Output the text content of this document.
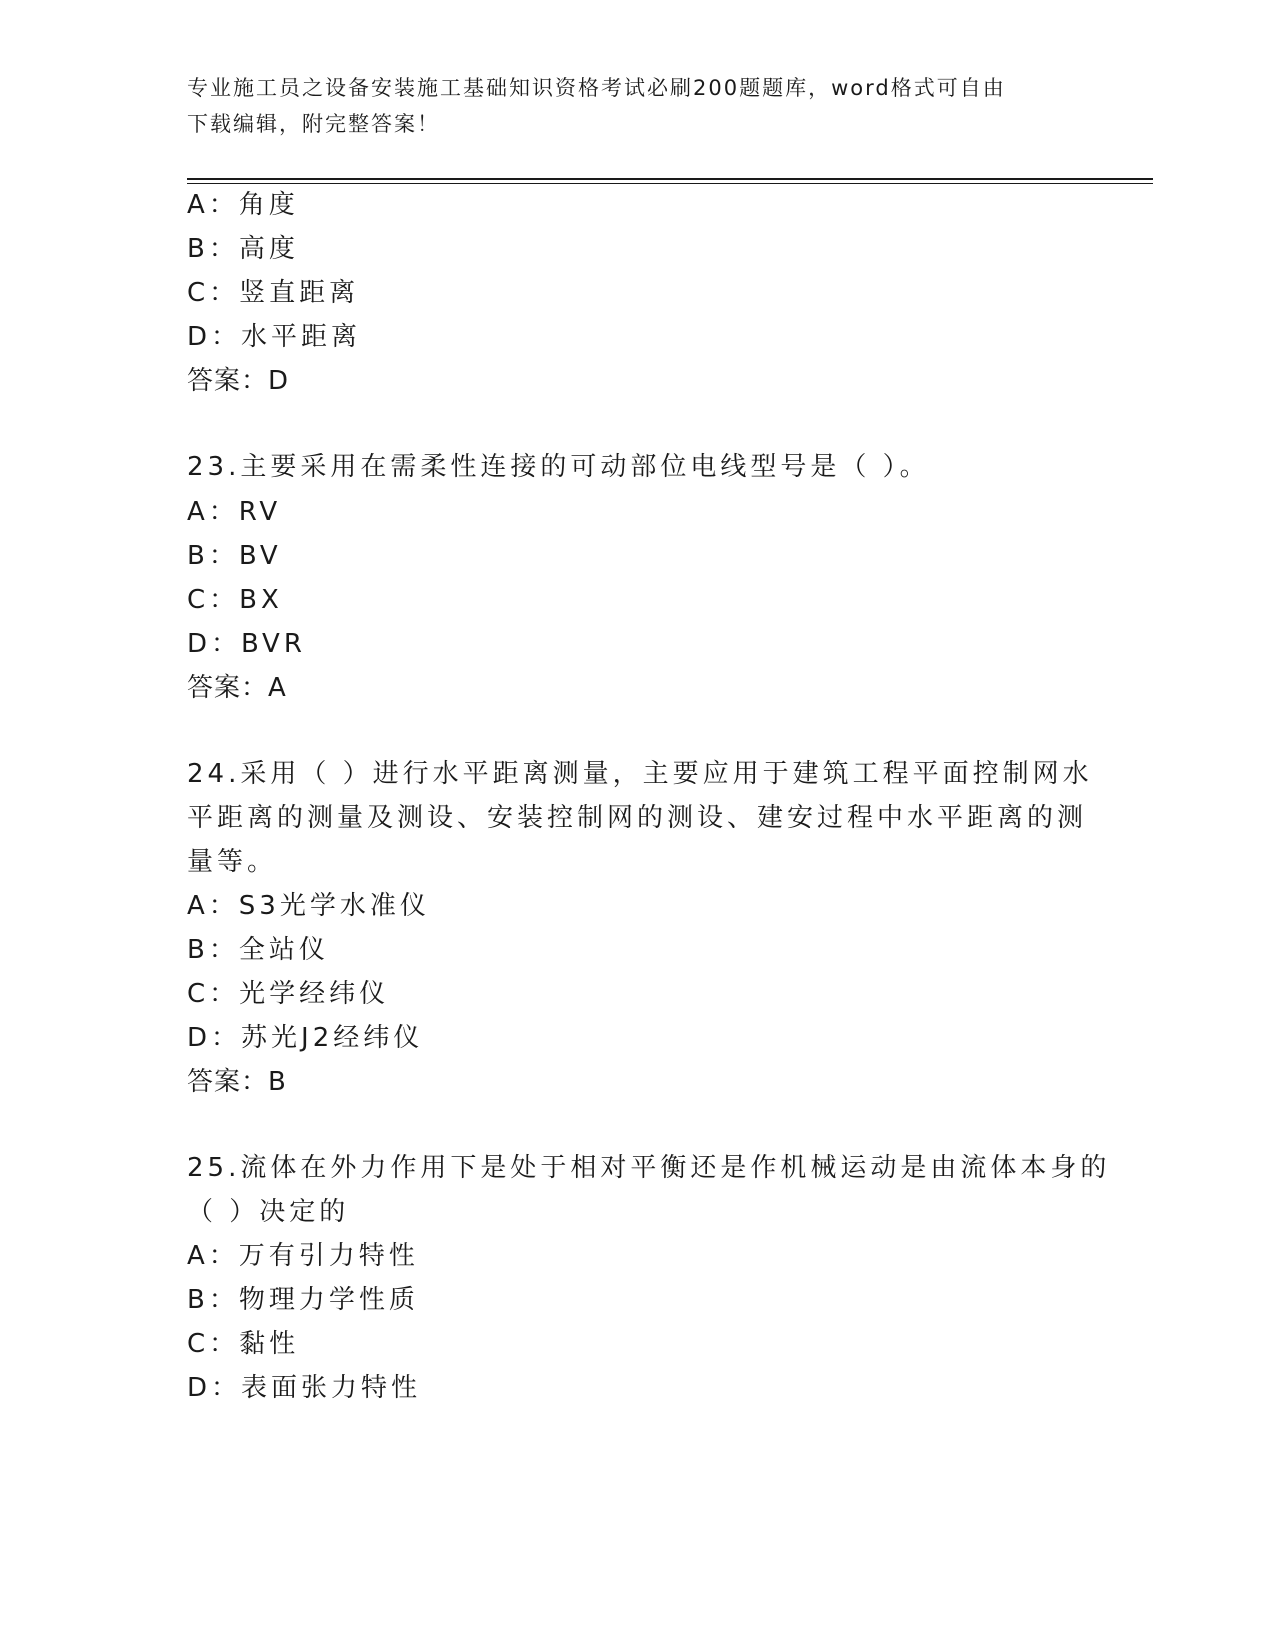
专业施工员之设备安装施工基础知识资格考试必刷200题题库，word格式可自由
下载编辑，附完整答案！
A：角度
B：高度
C：竖直距离
D：水平距离
答案：D
23.主要采用在需柔性连接的可动部位电线型号是（ ）。
A：RV
B：BV
C：BX
D：BVR
答案：A
24.采用（ ）进行水平距离测量，主要应用于建筑工程平面控制网水
平距离的测量及测设、安装控制网的测设、建安过程中水平距离的测
量等。
A：S3光学水准仪
B：全站仪
C：光学经纬仪
D：苏光J2经纬仪
答案：B
25.流体在外力作用下是处于相对平衡还是作机械运动是由流体本身的
（ ）决定的
A：万有引力特性
B：物理力学性质
C：黏性
D：表面张力特性
